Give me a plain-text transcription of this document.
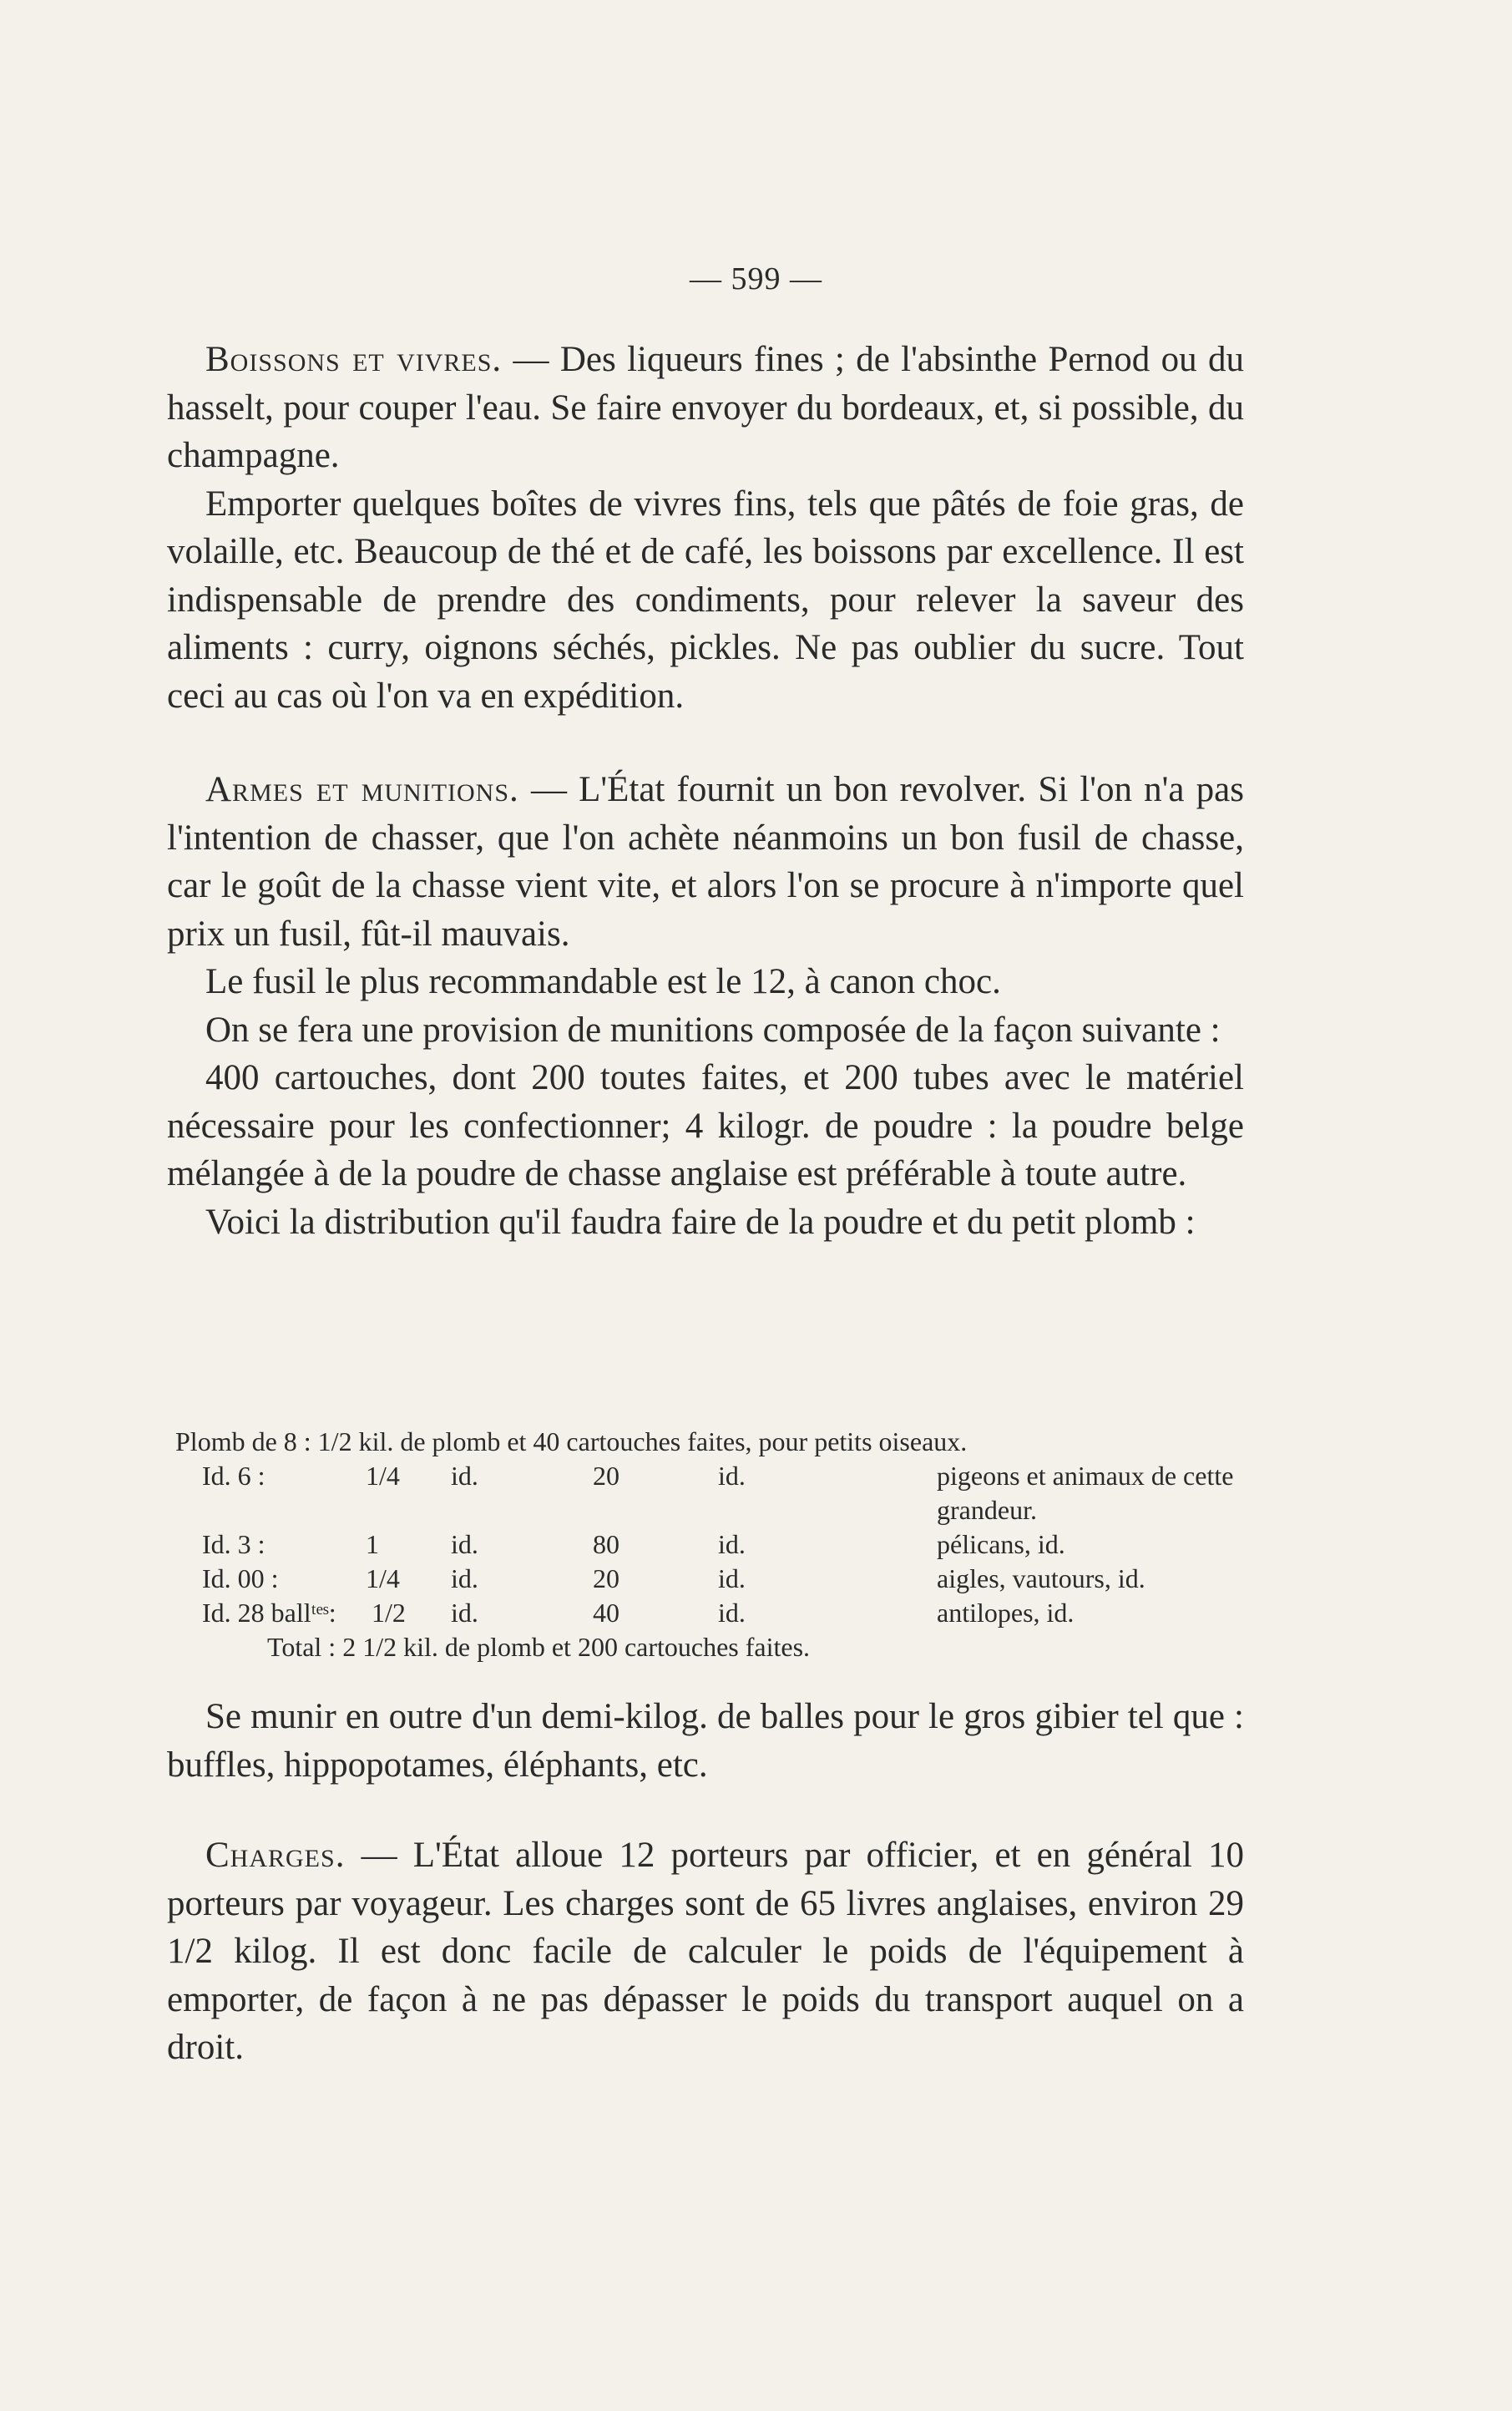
— 599 —

Boissons et vivres. — Des liqueurs fines ; de l'absinthe Pernod ou du hasselt, pour couper l'eau. Se faire envoyer du bordeaux, et, si possible, du champagne.

Emporter quelques boîtes de vivres fins, tels que pâtés de foie gras, de volaille, etc. Beaucoup de thé et de café, les boissons par excellence. Il est indispensable de prendre des condiments, pour relever la saveur des aliments : curry, oignons séchés, pickles. Ne pas oublier du sucre. Tout ceci au cas où l'on va en expédition.

Armes et munitions. — L'État fournit un bon revolver. Si l'on n'a pas l'intention de chasser, que l'on achète néanmoins un bon fusil de chasse, car le goût de la chasse vient vite, et alors l'on se procure à n'importe quel prix un fusil, fût-il mauvais.

Le fusil le plus recommandable est le 12, à canon choc.

On se fera une provision de munitions composée de la façon suivante :

400 cartouches, dont 200 toutes faites, et 200 tubes avec le matériel nécessaire pour les confectionner; 4 kilogr. de poudre : la poudre belge mélangée à de la poudre de chasse anglaise est préférable à toute autre.

Voici la distribution qu'il faudra faire de la poudre et du petit plomb :

Plomb de 8 : 1/2 kil. de plomb et 40 cartouches faites, pour petits oiseaux.
Id. 6 :	1/4 id.	20	id.	pigeons et animaux de cette grandeur.
Id. 3 :	1	id.	80	id.	pélicans, id.
Id. 00 :	1/4 id.	20	id.	aigles, vautours, id.
Id. 28 ballᵗᵉˢ: 1/2 id.	40	id.	antilopes, id.
Total : 2 1/2 kil. de plomb et 200 cartouches faites.

Se munir en outre d'un demi-kilog. de balles pour le gros gibier tel que : buffles, hippopotames, éléphants, etc.

Charges. — L'État alloue 12 porteurs par officier, et en général 10 porteurs par voyageur. Les charges sont de 65 livres anglaises, environ 29 1/2 kilog. Il est donc facile de calculer le poids de l'équipement à emporter, de façon à ne pas dépasser le poids du transport auquel on a droit.
